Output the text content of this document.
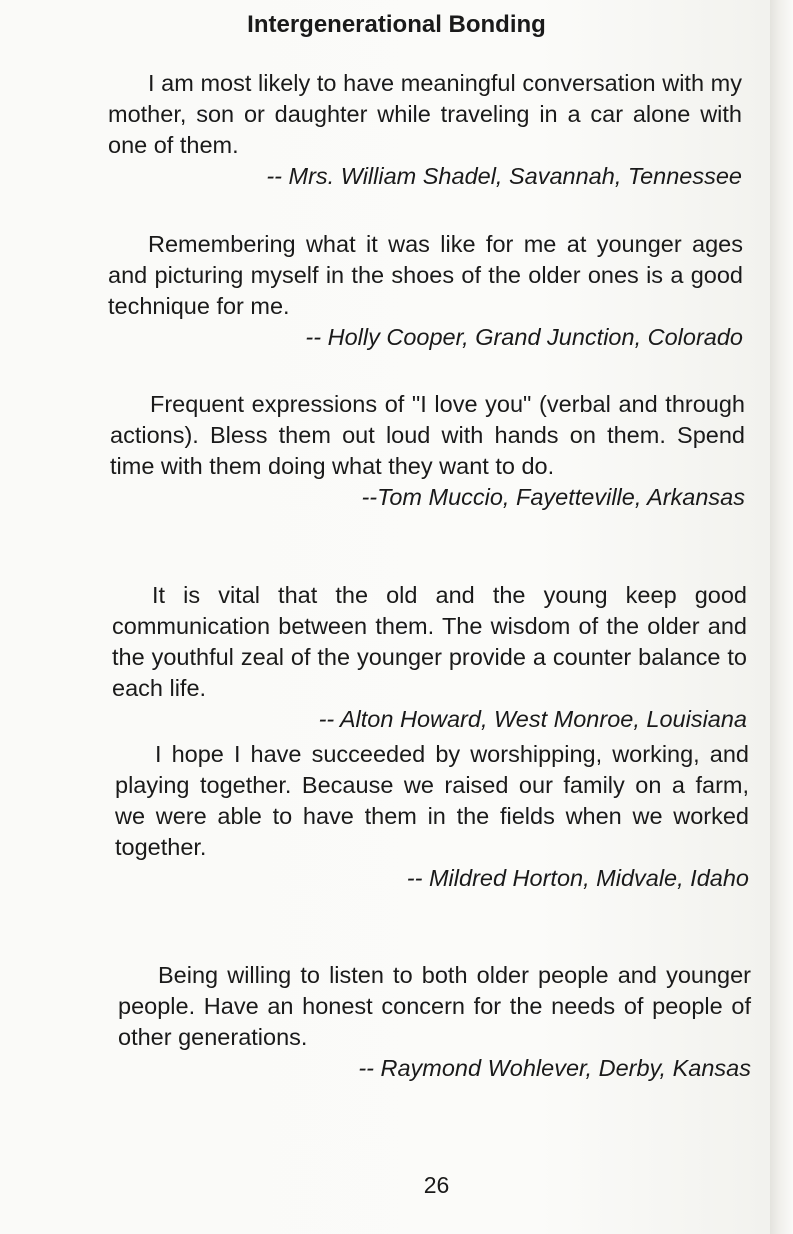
Intergenerational Bonding

I am most likely to have meaningful conversation with my mother, son or daughter while traveling in a car alone with one of them.

-- Mrs. William Shadel, Savannah, Tennessee

Remembering what it was like for me at younger ages and picturing myself in the shoes of the older ones is a good technique for me.

-- Holly Cooper, Grand Junction, Colorado

Frequent expressions of "I love you" (verbal and through actions). Bless them out loud with hands on them. Spend time with them doing what they want to do.

--Tom Muccio, Fayetteville, Arkansas

It is vital that the old and the young keep good communication between them. The wisdom of the older and the youthful zeal of the younger provide a counter balance to each life.

-- Alton Howard, West Monroe, Louisiana

I hope I have succeeded by worshipping, working, and playing together. Because we raised our family on a farm, we were able to have them in the fields when we worked together.

-- Mildred Horton, Midvale, Idaho

Being willing to listen to both older people and younger people. Have an honest concern for the needs of people of other generations.

-- Raymond Wohlever, Derby, Kansas

26
